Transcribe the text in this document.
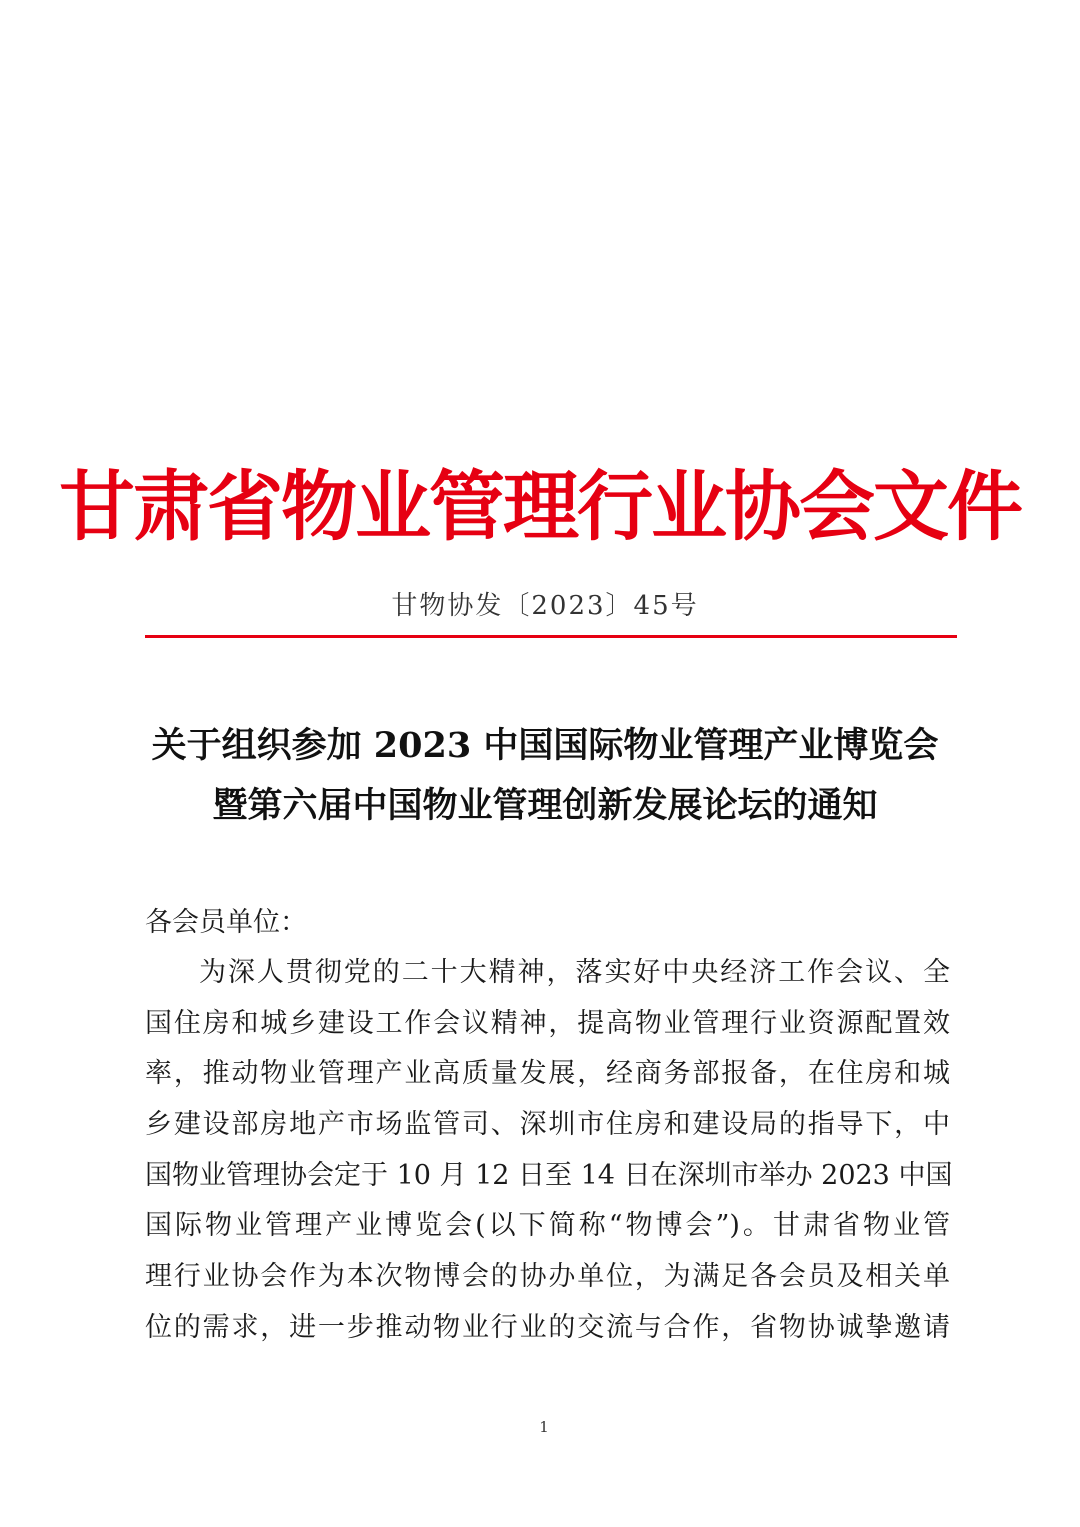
甘肃省物业管理行业协会文件
甘物协发〔2023〕45号
关于组织参加 2023 中国国际物业管理产业博览会
暨第六届中国物业管理创新发展论坛的通知
各会员单位：
为深人贯彻党的二十大精神，落实好中央经济工作会议、全
国住房和城乡建设工作会议精神，提高物业管理行业资源配置效
率，推动物业管理产业高质量发展，经商务部报备，在住房和城
乡建设部房地产市场监管司、深圳市住房和建设局的指导下，中
国物业管理协会定于 10 月 12 日至 14 日在深圳市举办 2023 中国
国际物业管理产业博览会(以下简称“物博会”)。甘肃省物业管
理行业协会作为本次物博会的协办单位，为满足各会员及相关单
位的需求，进一步推动物业行业的交流与合作，省物协诚挚邀请
1
